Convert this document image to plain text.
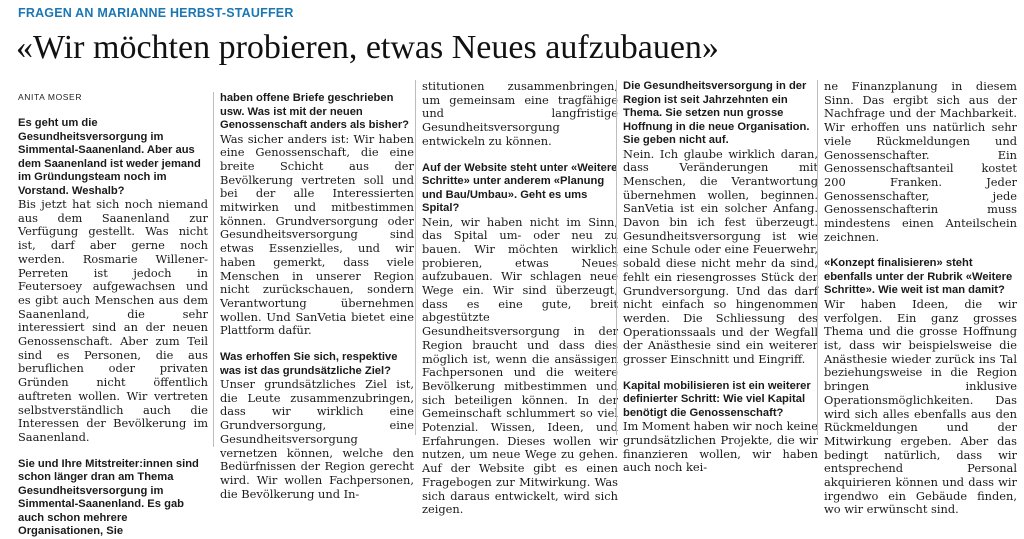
FRAGEN AN MARIANNE HERBST-STAUFFER
«Wir möchten probieren, etwas Neues aufzubauen»
ANITA MOSER

Es geht um die Gesundheitsversorgung im Simmental-Saanenland. Aber aus dem Saanenland ist weder jemand im Gründungsteam noch im Vorstand. Weshalb?

Bis jetzt hat sich noch niemand aus dem Saanenland zur Verfügung gestellt. Was nicht ist, darf aber gerne noch werden. Rosmarie Willener-Perreten ist jedoch in Feutersoey aufgewachsen und es gibt auch Menschen aus dem Saanenland, die sehr interessiert sind an der neuen Genossenschaft. Aber zum Teil sind es Personen, die aus beruflichen oder privaten Gründen nicht öffentlich auftreten wollen. Wir vertreten selbstverständlich auch die Interessen der Bevölkerung im Saanenland.

Sie und Ihre Mitstreiter:innen sind schon länger dran am Thema Gesundheitsversorgung im Simmental-Saanenland. Es gab auch schon mehrere Organisationen, Sie

haben offene Briefe geschrieben usw. Was ist mit der neuen Genossenschaft anders als bisher?

Was sicher anders ist: Wir haben eine Genossenschaft, die eine breite Schicht aus der Bevölkerung vertreten soll und bei der alle Interessierten mitwirken und mitbestimmen können. Grundversorgung oder Gesundheitsversorgung sind etwas Essenzielles, und wir haben gemerkt, dass viele Menschen in unserer Region nicht zurückschauen, sondern Verantwortung übernehmen wollen. Und SanVetia bietet eine Plattform dafür.

Was erhoffen Sie sich, respektive was ist das grundsätzliche Ziel?

Unser grundsätzliches Ziel ist, die Leute zusammenzubringen, dass wir wirklich eine Grundversorgung, eine Gesundheitsversorgung vernetzen können, welche den Bedürfnissen der Region gerecht wird. Wir wollen Fachpersonen, die Bevölkerung und In-

stitutionen zusammenbringen, um gemeinsam eine tragfähige und langfristige Gesundheitsversorgung entwickeln zu können.

Auf der Website steht unter «Weitere Schritte» unter anderem «Planung und Bau/Umbau». Geht es ums Spital?

Nein, wir haben nicht im Sinn, das Spital um- oder neu zu bauen. Wir möchten wirklich probieren, etwas Neues aufzubauen. Wir schlagen neue Wege ein. Wir sind überzeugt, dass es eine gute, breit abgestützte Gesundheitsversorgung in der Region braucht und dass dies möglich ist, wenn die ansässigen Fachpersonen und die weitere Bevölkerung mitbestimmen und sich beteiligen können. In der Gemeinschaft schlummert so viel Potenzial. Wissen, Ideen, und Erfahrungen. Dieses wollen wir nutzen, um neue Wege zu gehen. Auf der Website gibt es einen Fragebogen zur Mitwirkung. Was sich daraus entwickelt, wird sich zeigen.

Die Gesundheitsversorgung in der Region ist seit Jahrzehnten ein Thema. Sie setzen nun grosse Hoffnung in die neue Organisation. Sie geben nicht auf.

Nein. Ich glaube wirklich daran, dass Veränderungen mit Menschen, die Verantwortung übernehmen wollen, beginnen. SanVetia ist ein solcher Anfang. Davon bin ich fest überzeugt. Gesundheitsversorgung ist wie eine Schule oder eine Feuerwehr, sobald diese nicht mehr da sind, fehlt ein riesengrosses Stück der Grundversorgung. Und das darf nicht einfach so hingenommen werden. Die Schliessung des Operationssaals und der Wegfall der Anästhesie sind ein weiterer grosser Einschnitt und Eingriff.

Kapital mobilisieren ist ein weiterer definierter Schritt: Wie viel Kapital benötigt die Genossenschaft?

Im Moment haben wir noch keine grundsätzlichen Projekte, die wir finanzieren wollen, wir haben auch noch kei-

ne Finanzplanung in diesem Sinn. Das ergibt sich aus der Nachfrage und der Machbarkeit. Wir erhoffen uns natürlich sehr viele Rückmeldungen und Genossenschafter. Ein Genossenschaftsanteil kostet 200 Franken. Jeder Genossenschafter, jede Genossenschafterin muss mindestens einen Anteilschein zeichnen.

«Konzept finalisieren» steht ebenfalls unter der Rubrik «Weitere Schritte». Wie weit ist man damit?

Wir haben Ideen, die wir verfolgen. Ein ganz grosses Thema und die grosse Hoffnung ist, dass wir beispielsweise die Anästhesie wieder zurück ins Tal beziehungsweise in die Region bringen inklusive Operationsmöglichkeiten. Das wird sich alles ebenfalls aus den Rückmeldungen und der Mitwirkung ergeben. Aber das bedingt natürlich, dass wir entsprechend Personal akquirieren können und dass wir irgendwo ein Gebäude finden, wo wir erwünscht sind.
